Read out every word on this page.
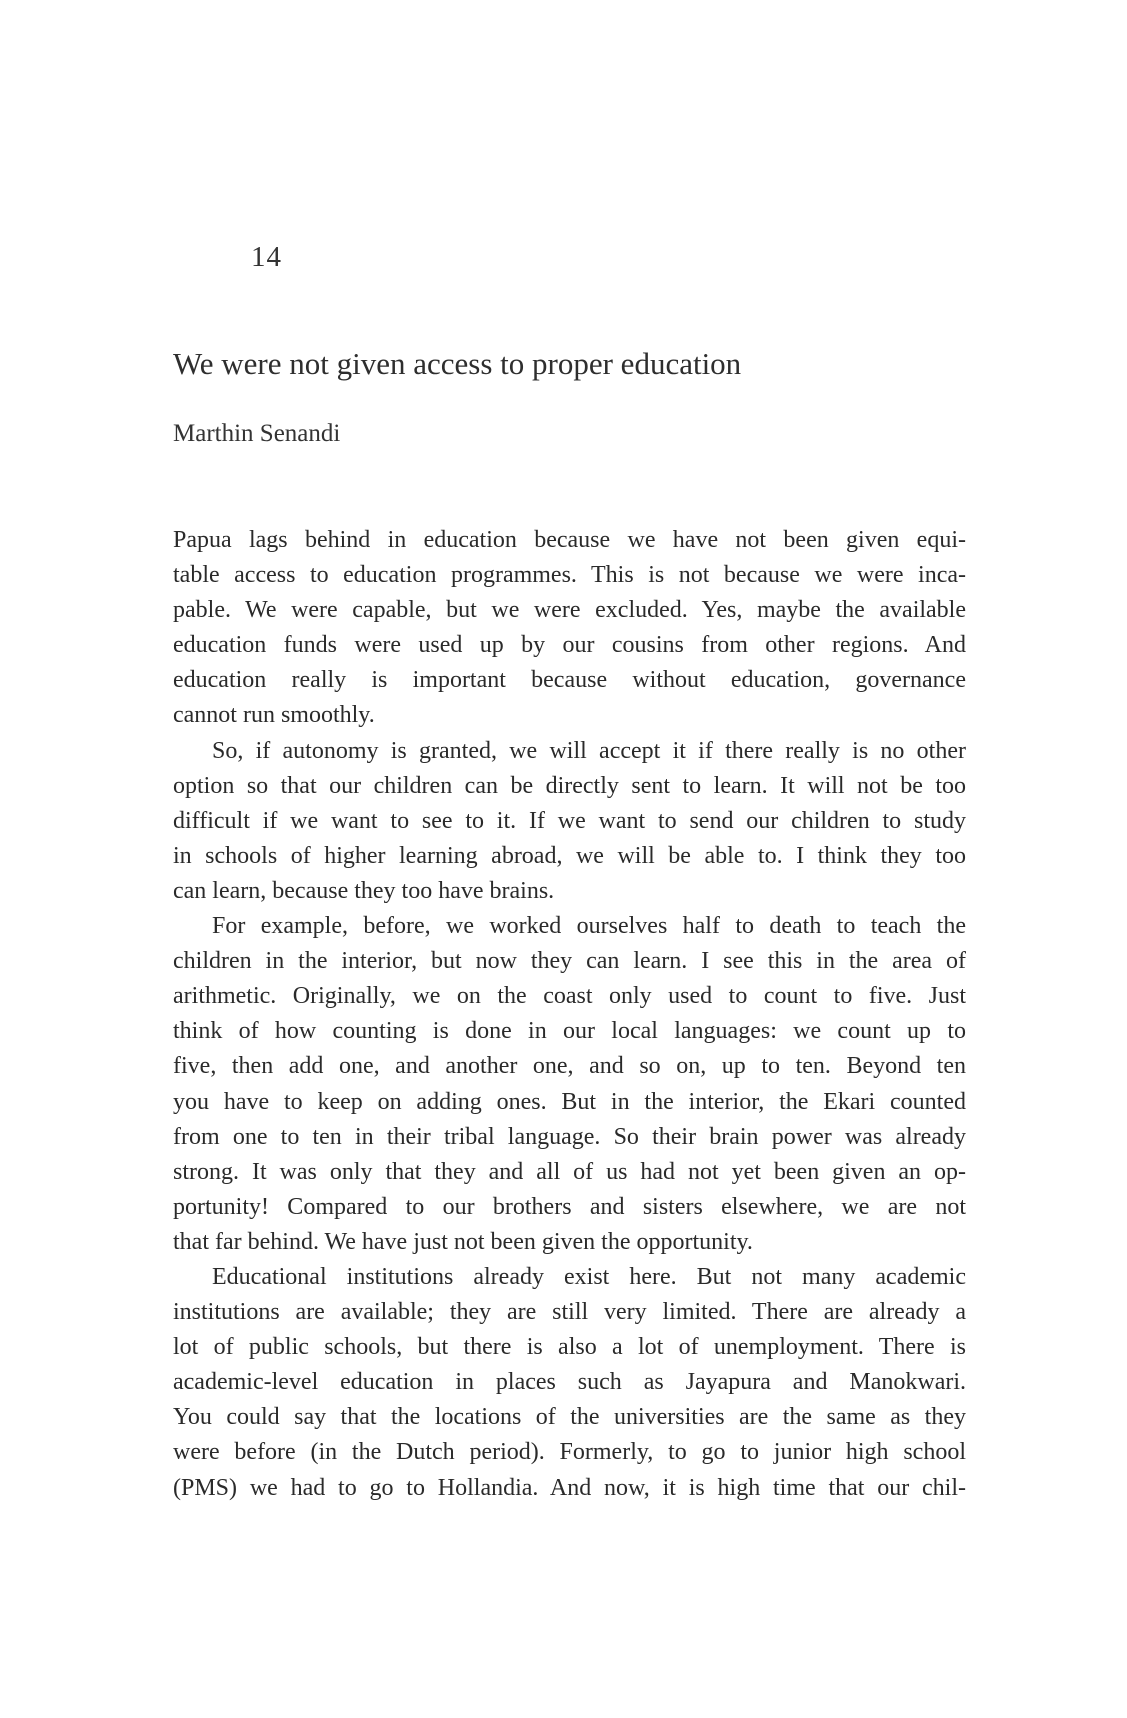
14
We were not given access to proper education
Marthin Senandi

Papua lags behind in education because we have not been given equi-
table access to education programmes. This is not because we were inca-
pable. We were capable, but we were excluded. Yes, maybe the available
education funds were used up by our cousins from other regions. And
education really is important because without education, governance
cannot run smoothly.

So, if autonomy is granted, we will accept it if there really is no other
option so that our children can be directly sent to learn. It will not be too
difficult if we want to see to it. If we want to send our children to study
in schools of higher learning abroad, we will be able to. I think they too
can learn, because they too have brains.

For example, before, we worked ourselves half to death to teach the
children in the interior, but now they can learn. I see this in the area of
arithmetic. Originally, we on the coast only used to count to five. Just
think of how counting is done in our local languages: we count up to
five, then add one, and another one, and so on, up to ten. Beyond ten
you have to keep on adding ones. But in the interior, the Ekari counted
from one to ten in their tribal language. So their brain power was already
strong. It was only that they and all of us had not yet been given an op-
portunity! Compared to our brothers and sisters elsewhere, we are not
that far behind. We have just not been given the opportunity.

Educational institutions already exist here. But not many academic
institutions are available; they are still very limited. There are already a
lot of public schools, but there is also a lot of unemployment. There is
academic-level education in places such as Jayapura and Manokwari.
You could say that the locations of the universities are the same as they
were before (in the Dutch period). Formerly, to go to junior high school
(PMS) we had to go to Hollandia. And now, it is high time that our chil-
